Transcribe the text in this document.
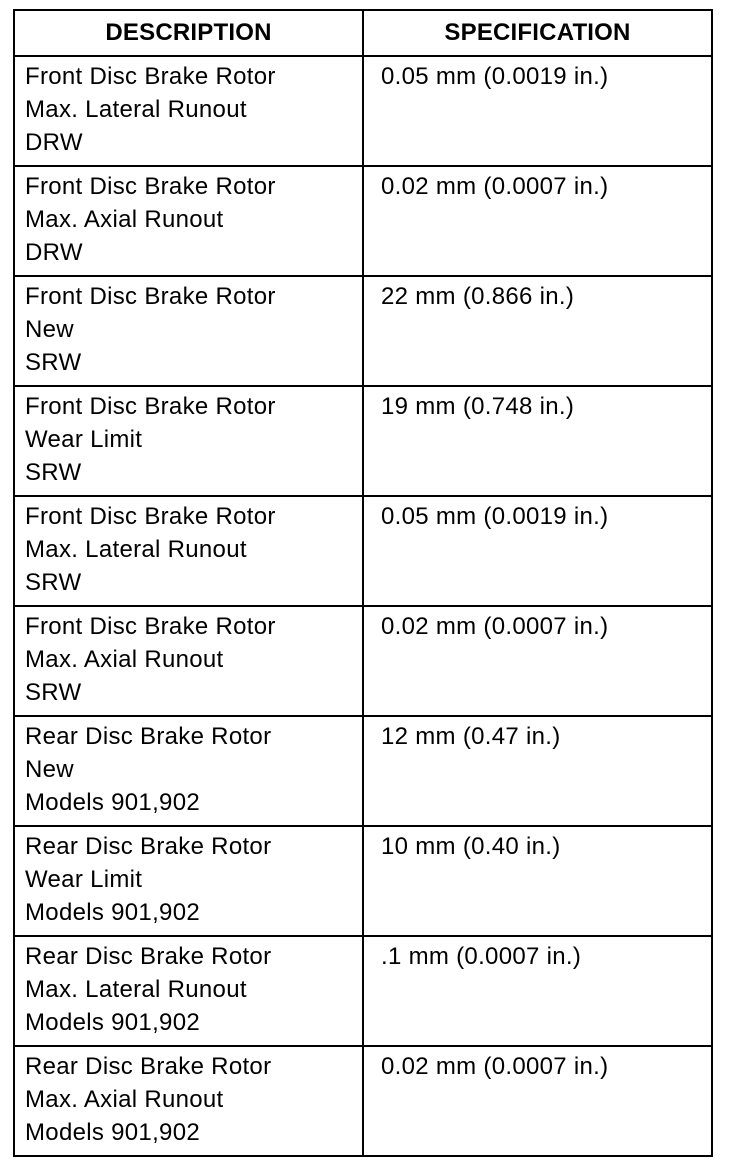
DESCRIPTION	SPECIFICATION

Front Disc Brake Rotor
Max. Lateral Runout
DRW	0.05 mm (0.0019 in.)

Front Disc Brake Rotor
Max. Axial Runout
DRW	0.02 mm (0.0007 in.)

Front Disc Brake Rotor
New
SRW	22 mm (0.866 in.)

Front Disc Brake Rotor
Wear Limit
SRW	19 mm (0.748 in.)

Front Disc Brake Rotor
Max. Lateral Runout
SRW	0.05 mm (0.0019 in.)

Front Disc Brake Rotor
Max. Axial Runout
SRW	0.02 mm (0.0007 in.)

Rear Disc Brake Rotor
New
Models 901,902	12 mm (0.47 in.)

Rear Disc Brake Rotor
Wear Limit
Models 901,902	10 mm (0.40 in.)

Rear Disc Brake Rotor
Max. Lateral Runout
Models 901,902	.1 mm (0.0007 in.)

Rear Disc Brake Rotor
Max. Axial Runout
Models 901,902	0.02 mm (0.0007 in.)
